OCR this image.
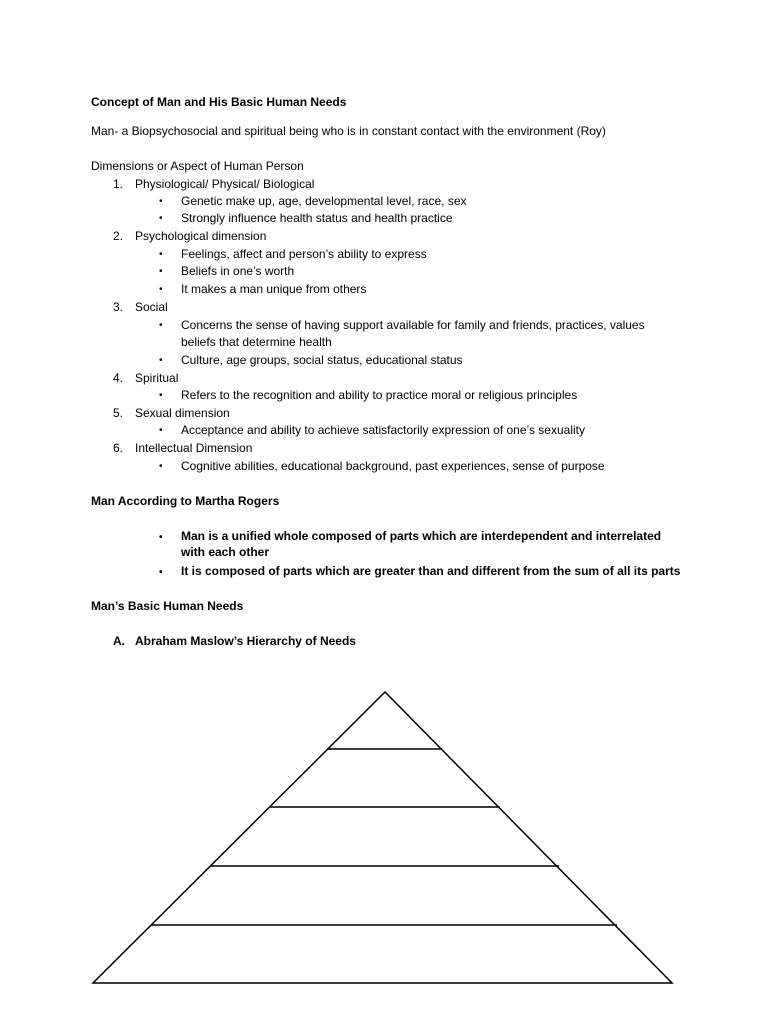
Concept of Man and His Basic Human Needs
Man- a Biopsychosocial and spiritual being who is in constant contact with the environment (Roy)
Dimensions or Aspect of Human Person
1. Physiological/ Physical/ Biological
• Genetic make up, age, developmental level, race, sex
• Strongly influence health status and health practice
2. Psychological dimension
• Feelings, affect and person’s ability to express
• Beliefs in one’s worth
• It makes a man unique from others
3. Social
• Concerns the sense of having support available for family and friends, practices, values
beliefs that determine health
• Culture, age groups, social status, educational status
4. Spiritual
• Refers to the recognition and ability to practice moral or religious principles
5. Sexual dimension
• Acceptance and ability to achieve satisfactorily expression of one’s sexuality
6. Intellectual Dimension
• Cognitive abilities, educational background, past experiences, sense of purpose
Man According to Martha Rogers
• Man is a unified whole composed of parts which are interdependent and interrelated
with each other
• It is composed of parts which are greater than and different from the sum of all its parts
Man’s Basic Human Needs
A. Abraham Maslow’s Hierarchy of Needs
